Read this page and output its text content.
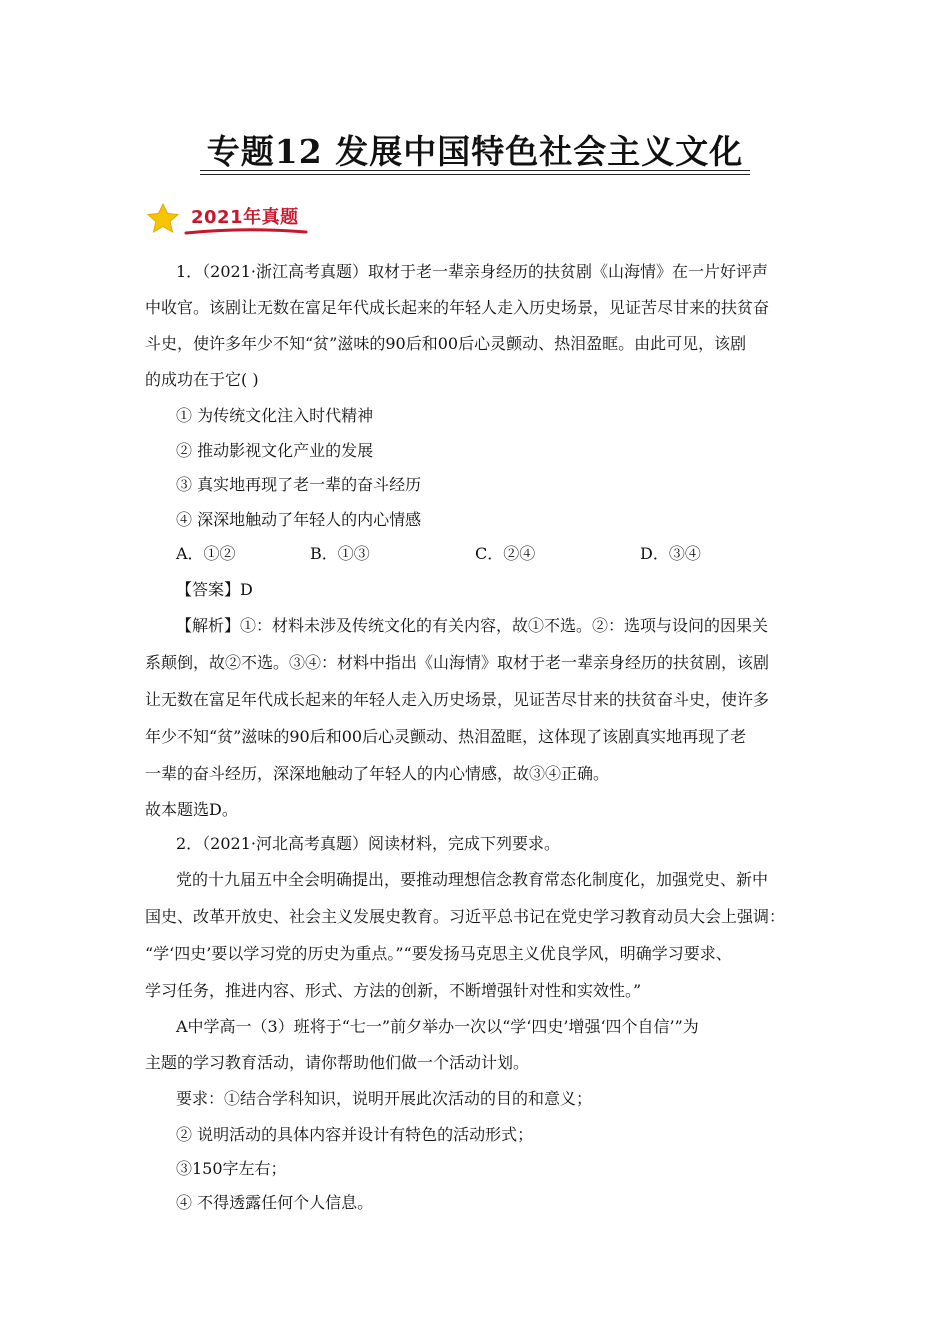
专题12 发展中国特色社会主义文化
2021年真题
1．（2021·浙江高考真题）取材于老一辈亲身经历的扶贫剧《山海情》在一片好评声
中收官。该剧让无数在富足年代成长起来的年轻人走入历史场景，见证苦尽甘来的扶贫奋
斗史，使许多年少不知“贫”滋味的90后和00后心灵颤动、热泪盈眶。由此可见，该剧
的成功在于它( )
① 为传统文化注入时代精神
② 推动影视文化产业的发展
③ 真实地再现了老一辈的奋斗经历
④ 深深地触动了年轻人的内心情感
A．①②	B．①③	C．②④	D．③④
【答案】D
【解析】①：材料未涉及传统文化的有关内容，故①不选。②：选项与设问的因果关
系颠倒，故②不选。③④：材料中指出《山海情》取材于老一辈亲身经历的扶贫剧，该剧
让无数在富足年代成长起来的年轻人走入历史场景，见证苦尽甘来的扶贫奋斗史，使许多
年少不知“贫”滋味的90后和00后心灵颤动、热泪盈眶，这体现了该剧真实地再现了老
一辈的奋斗经历，深深地触动了年轻人的内心情感，故③④正确。
故本题选D。
2．（2021·河北高考真题）阅读材料，完成下列要求。
党的十九届五中全会明确提出，要推动理想信念教育常态化制度化，加强党史、新中
国史、改革开放史、社会主义发展史教育。习近平总书记在党史学习教育动员大会上强调：
“学‘四史’要以学习党的历史为重点。”“要发扬马克思主义优良学风，明确学习要求、
学习任务，推进内容、形式、方法的创新，不断增强针对性和实效性。”
A中学高一（3）班将于“七一”前夕举办一次以“学‘四史’增强‘四个自信’”为
主题的学习教育活动，请你帮助他们做一个活动计划。
要求：①结合学科知识，说明开展此次活动的目的和意义；
② 说明活动的具体内容并设计有特色的活动形式；
③150字左右；
④ 不得透露任何个人信息。
